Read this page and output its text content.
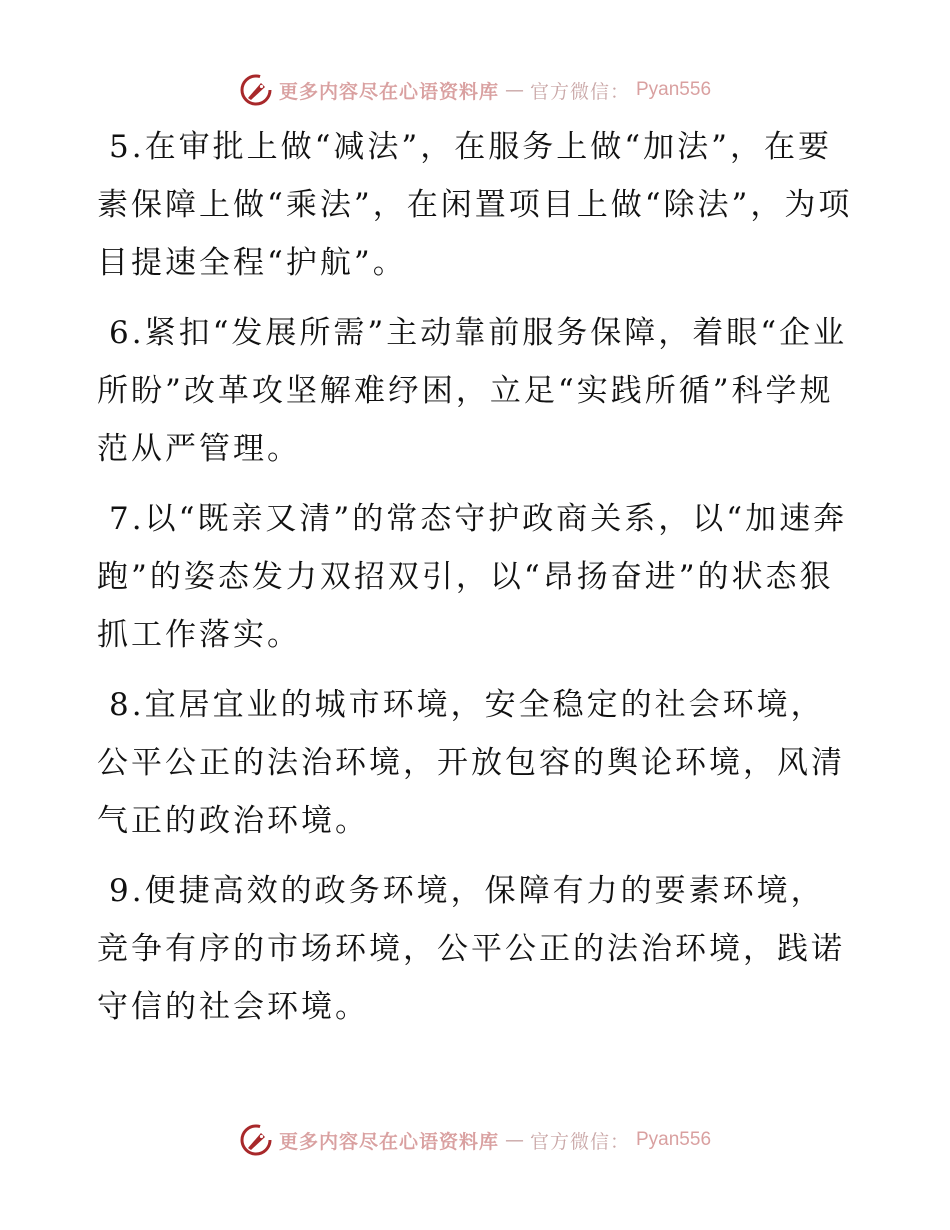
更多内容尽在心语资料库 — 官方微信： Pyan556

5.在审批上做“减法”，在服务上做“加法”，在要素保障上做“乘法”，在闲置项目上做“除法”，为项目提速全程“护航”。

6.紧扣“发展所需”主动靠前服务保障，着眼“企业所盼”改革攻坚解难纾困，立足“实践所循”科学规范从严管理。

7.以“既亲又清”的常态守护政商关系，以“加速奔跑”的姿态发力双招双引，以“昂扬奋进”的状态狠抓工作落实。

8.宜居宜业的城市环境，安全稳定的社会环境，公平公正的法治环境，开放包容的舆论环境，风清气正的政治环境。

9.便捷高效的政务环境，保障有力的要素环境，竞争有序的市场环境，公平公正的法治环境，践诺守信的社会环境。

更多内容尽在心语资料库 — 官方微信： Pyan556
